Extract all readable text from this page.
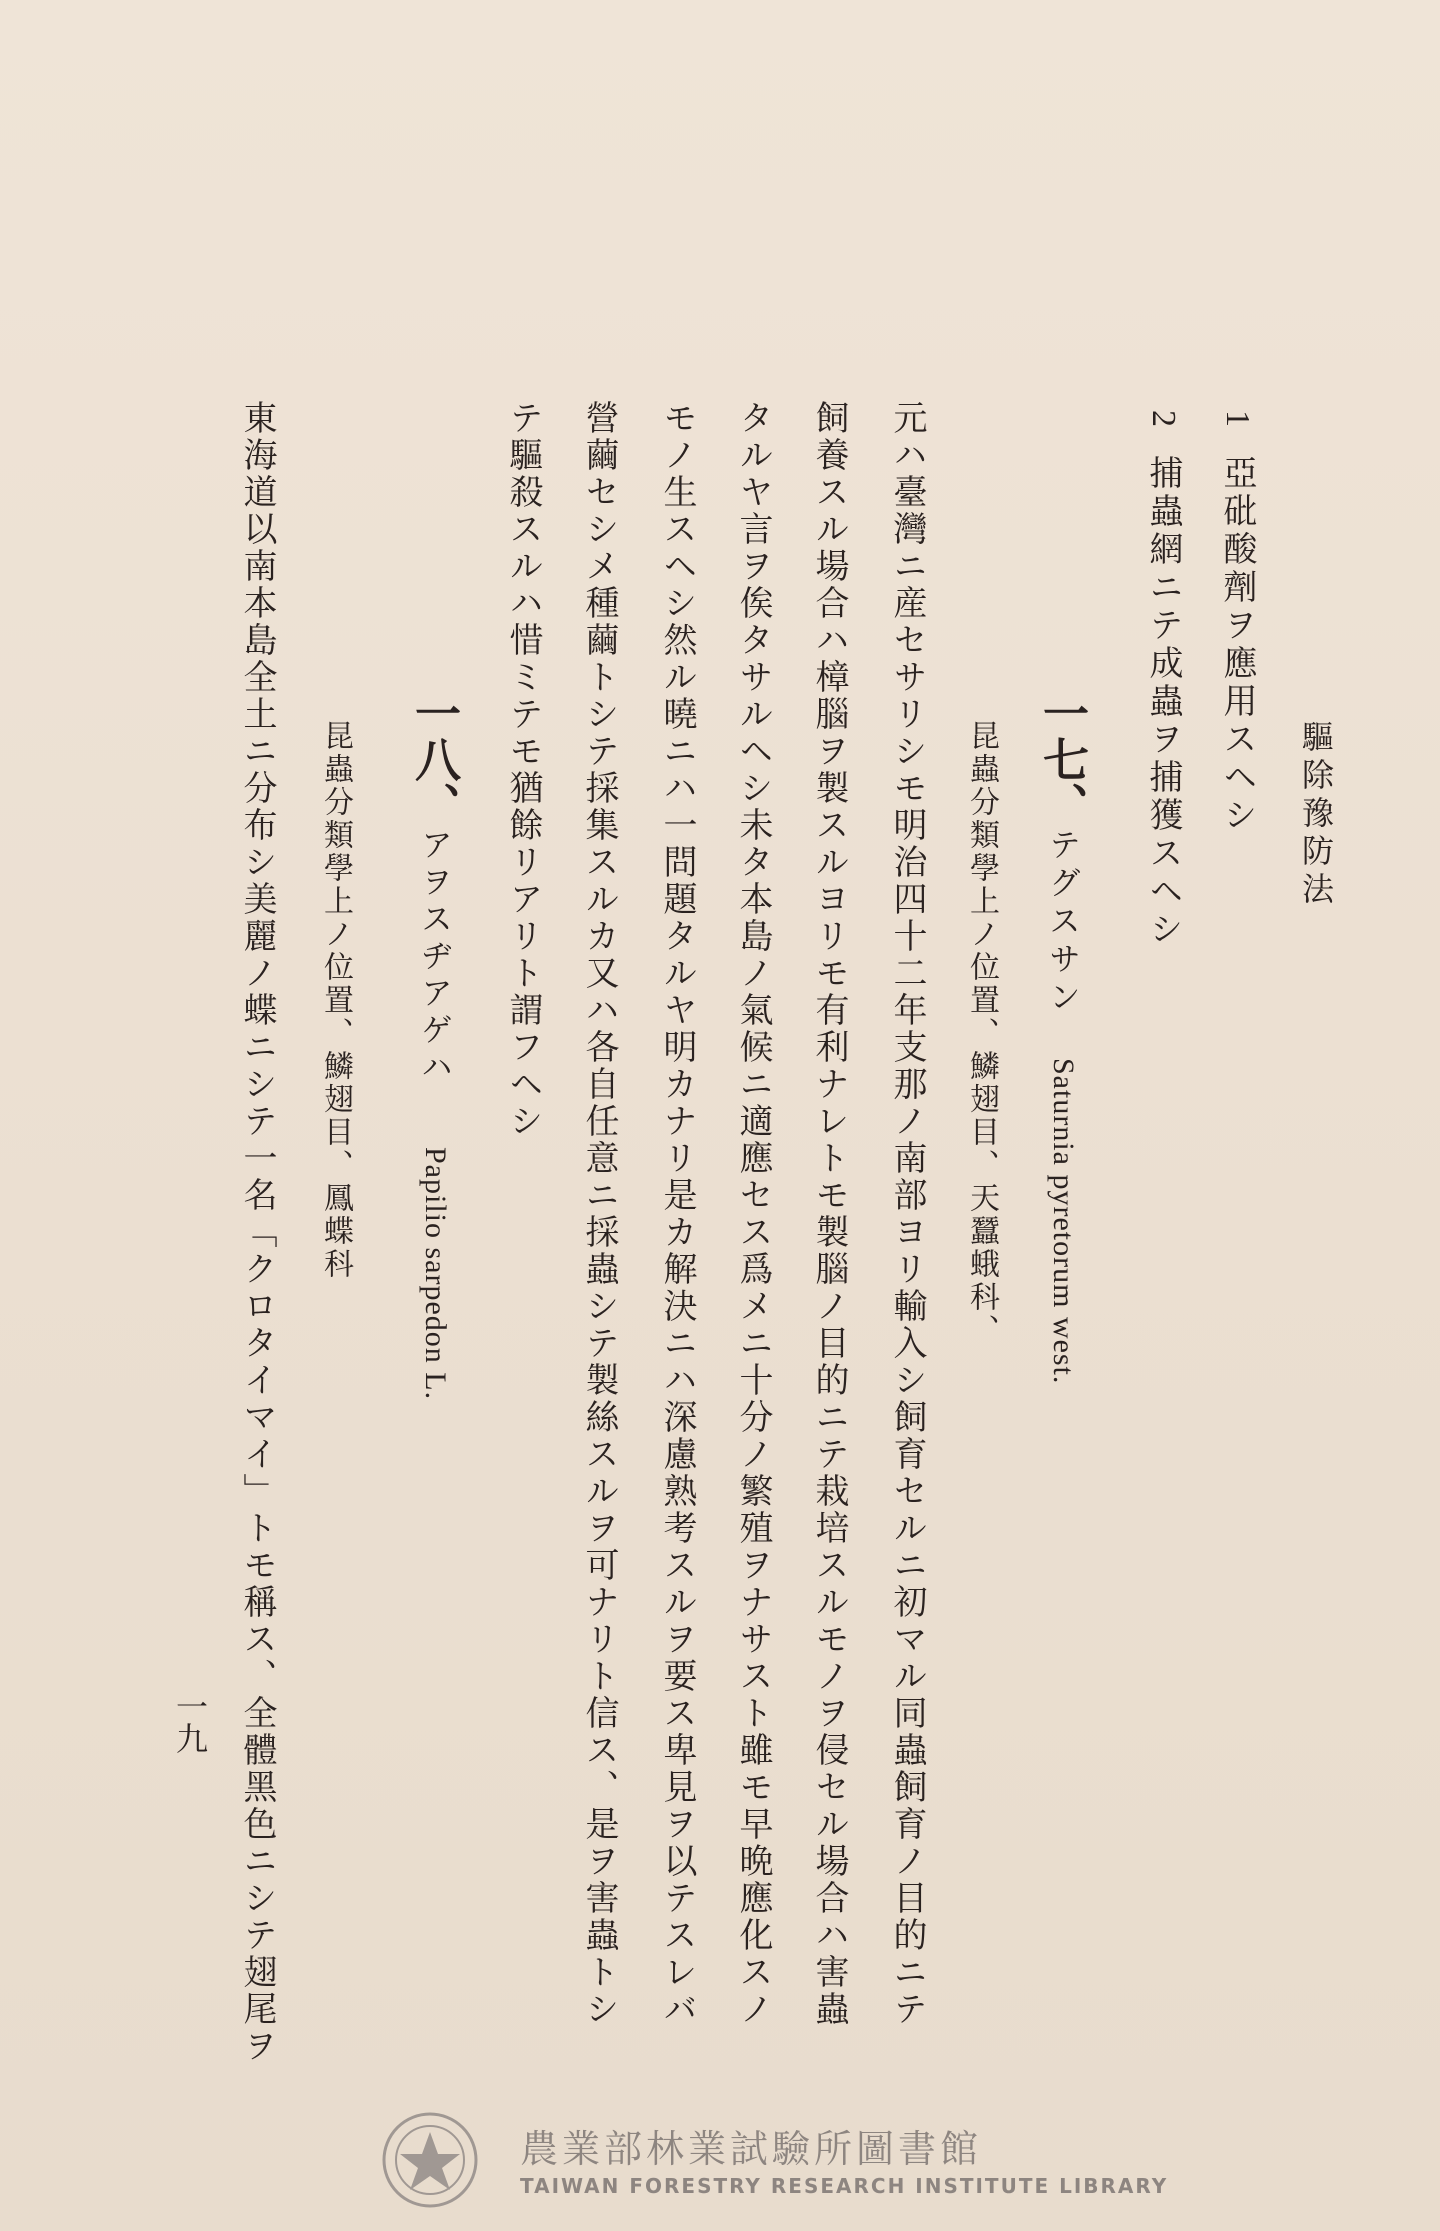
驅除豫防法
1亞砒酸劑ヲ應用スヘシ
2捕蟲網ニテ成蟲ヲ捕獲スヘシ
一七、テグスサンSaturnia pyretorum west.
昆蟲分類學上ノ位置、鱗翅目、天蠶蛾科、
元ハ臺灣ニ産セサリシモ明治四十二年支那ノ南部ヨリ輸入シ飼育セルニ初マル同蟲飼育ノ目的ニテ
飼養スル場合ハ樟腦ヲ製スルヨリモ有利ナレトモ製腦ノ目的ニテ栽培スルモノヲ侵セル場合ハ害蟲
タルヤ言ヲ俟タサルヘシ未タ本島ノ氣候ニ適應セス爲メニ十分ノ繁殖ヲナサスト雖モ早晩應化スノ
モノ生スヘシ然ル曉ニハ一問題タルヤ明カナリ是カ解決ニハ深慮熟考スルヲ要ス卑見ヲ以テスレバ
營繭セシメ種繭トシテ採集スルカ又ハ各自任意ニ採蟲シテ製絲スルヲ可ナリト信ス、是ヲ害蟲トシ
テ驅殺スルハ惜ミテモ猶餘リアリト謂フヘシ
一八、アヲスヂアゲハPapilio sarpedon L.
昆蟲分類學上ノ位置、鱗翅目、鳳蝶科
東海道以南本島全土ニ分布シ美麗ノ蝶ニシテ一名「クロタイマイ」トモ稱ス、全體黑色ニシテ翅尾ヲ
一九
農業部林業試驗所圖書館
TAIWAN FORESTRY RESEARCH INSTITUTE LIBRARY
